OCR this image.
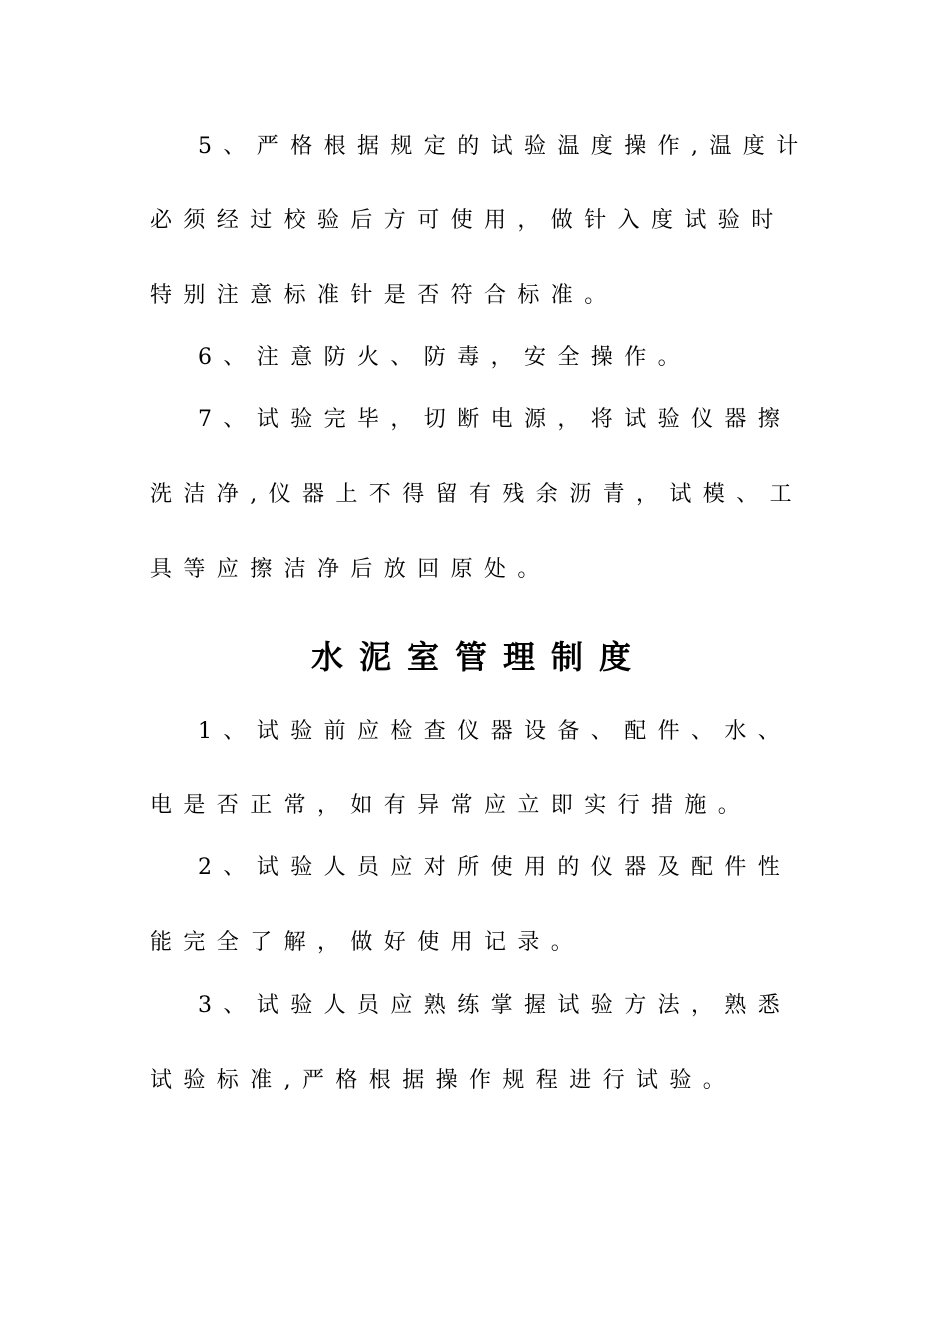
5、严格根据规定的试验温度操作,温度计
必须经过校验后方可使用，做针入度试验时
特别注意标准针是否符合标准。
6、注意防火、防毒，安全操作。
7、试验完毕，切断电源，将试验仪器擦
洗洁净,仪器上不得留有残余沥青，试模、工
具等应擦洁净后放回原处。
水泥室管理制度
1、试验前应检查仪器设备、配件、水、
电是否正常，如有异常应立即实行措施。
2、试验人员应对所使用的仪器及配件性
能完全了解，做好使用记录。
3、试验人员应熟练掌握试验方法，熟悉
试验标准,严格根据操作规程进行试验。
